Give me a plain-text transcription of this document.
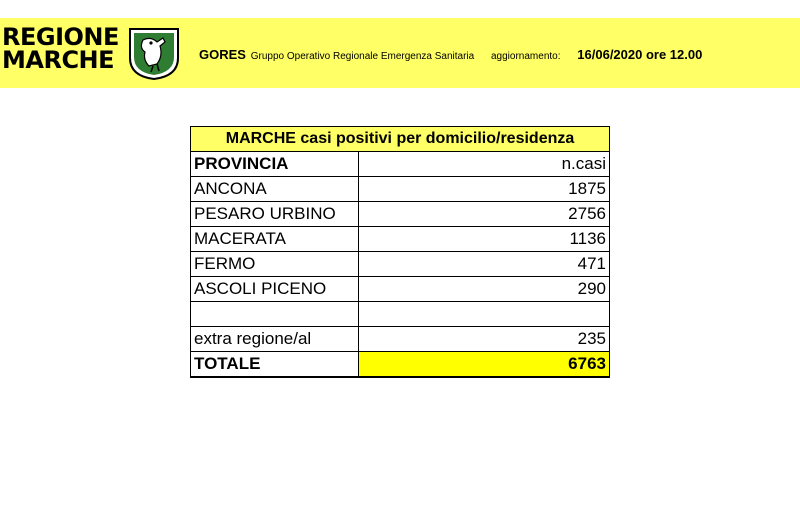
REGIONE
MARCHE	GORES Gruppo Operativo Regionale Emergenza Sanitaria aggiornamento: 16/06/2020 ore 12.00
MARCHE casi positivi per domicilio/residenza	
PROVINCIA	n.casi
ANCONA	1875
PESARO URBINO	2756
MACERATA	1136
FERMO	471
ASCOLI PICENO	290

extra regione/al	235
TOTALE	6763
